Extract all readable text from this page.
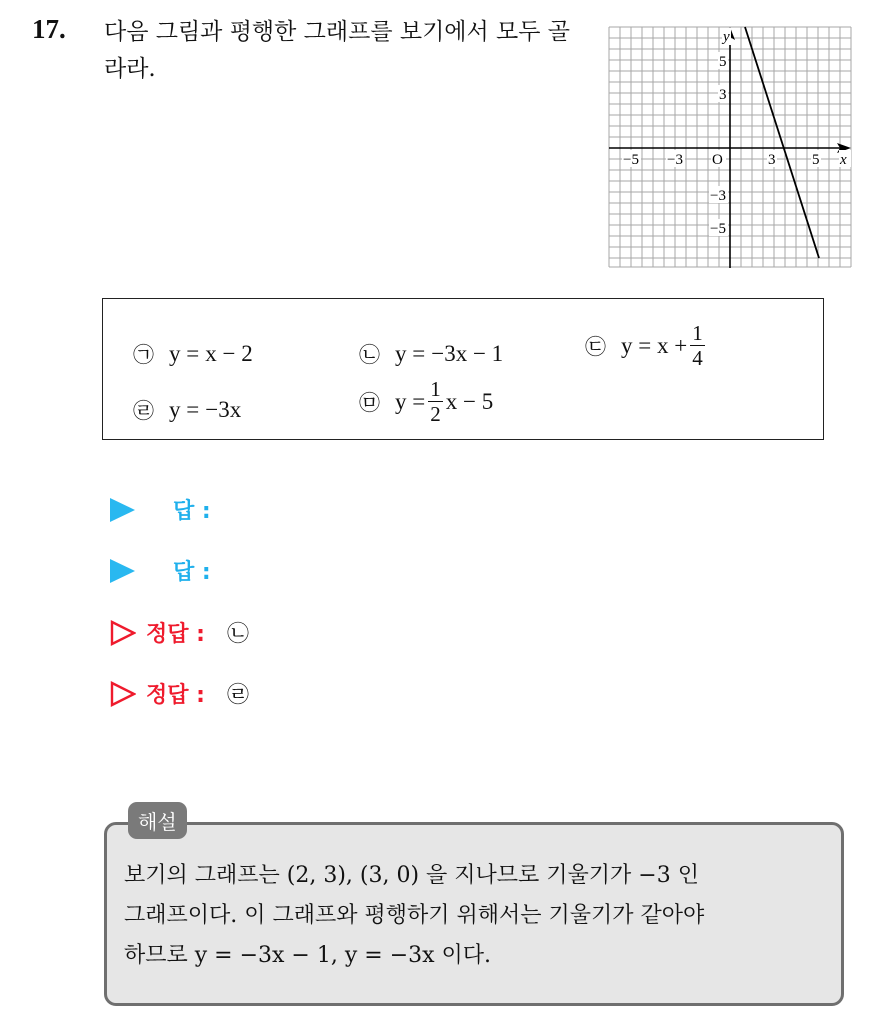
17. 다음 그림과 평행한 그래프를 보기에서 모두 골라라.
y
x
O
−5 −3	3 5
3
5
−3
−5
㉠ y = x − 2	㉡ y = −3x − 1	㉢ $y = x + \frac{1}{4}$
㉣ y = −3x	㉤ $y = \frac{1}{2}$ x − 5
답 :
답 :
정답 : ㉡
정답 : ㉣
해설
보기의 그래프는 (2, 3), (3, 0) 을 지나므로 기울기가 −3 인
그래프이다. 이 그래프와 평행하기 위해서는 기울기가 같아야
하므로 y = −3x − 1, y = −3x 이다.
